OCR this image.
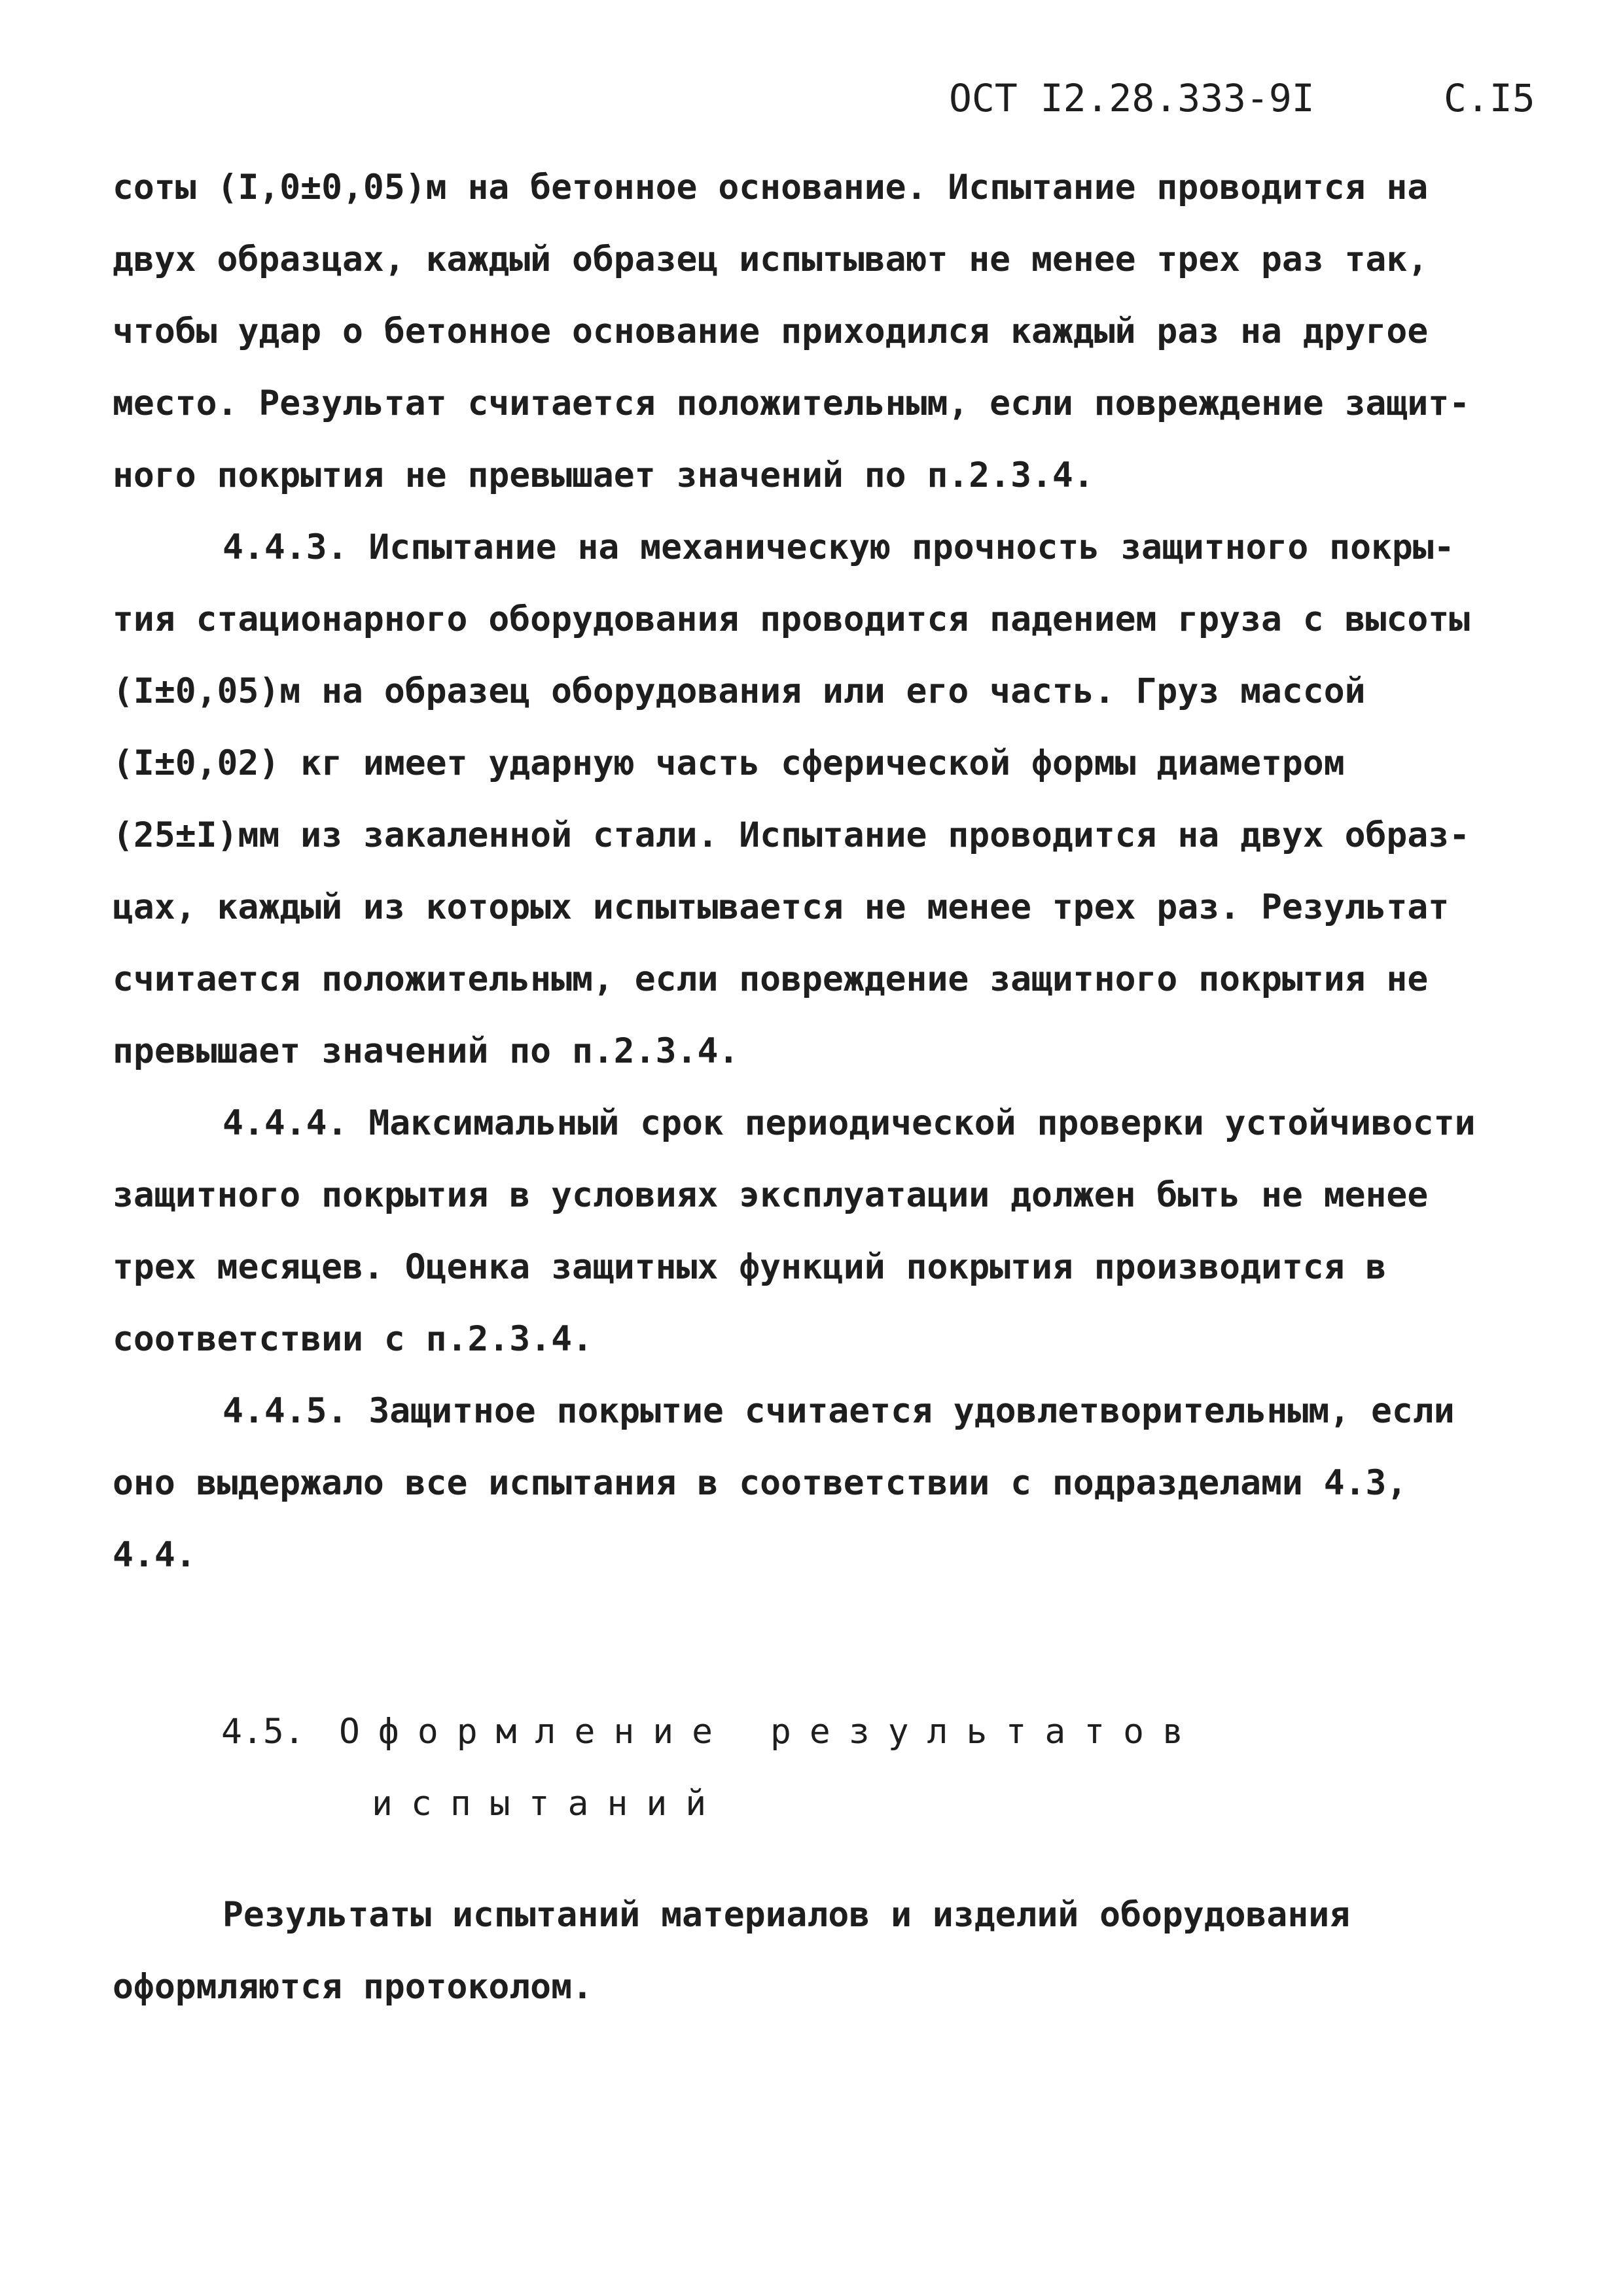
ОСТ I2.28.333-9I	С.I5
соты (I,0±0,05)м на бетонное основание. Испытание проводится на
двух образцах, каждый образец испытывают не менее трех раз так,
чтобы удар о бетонное основание приходился каждый раз на другое
место. Результат считается положительным, если повреждение защит-
ного покрытия не превышает значений по п.2.3.4.
4.4.3. Испытание на механическую прочность защитного покры-
тия стационарного оборудования проводится падением груза с высоты
(I±0,05)м на образец оборудования или его часть. Груз массой
(I±0,02) кг имеет ударную часть сферической формы диаметром
(25±I)мм из закаленной стали. Испытание проводится на двух образ-
цах, каждый из которых испытывается не менее трех раз. Результат
считается положительным, если повреждение защитного покрытия не
превышает значений по п.2.3.4.
4.4.4. Максимальный срок периодической проверки устойчивости
защитного покрытия в условиях эксплуатации должен быть не менее
трех месяцев. Оценка защитных функций покрытия производится в
соответствии с п.2.3.4.
4.4.5. Защитное покрытие считается удовлетворительным, если
оно выдержало все испытания в соответствии с подразделами 4.3,
4.4.
4.5. Оформление результатов
испытаний
Результаты испытаний материалов и изделий оборудования
оформляются протоколом.
